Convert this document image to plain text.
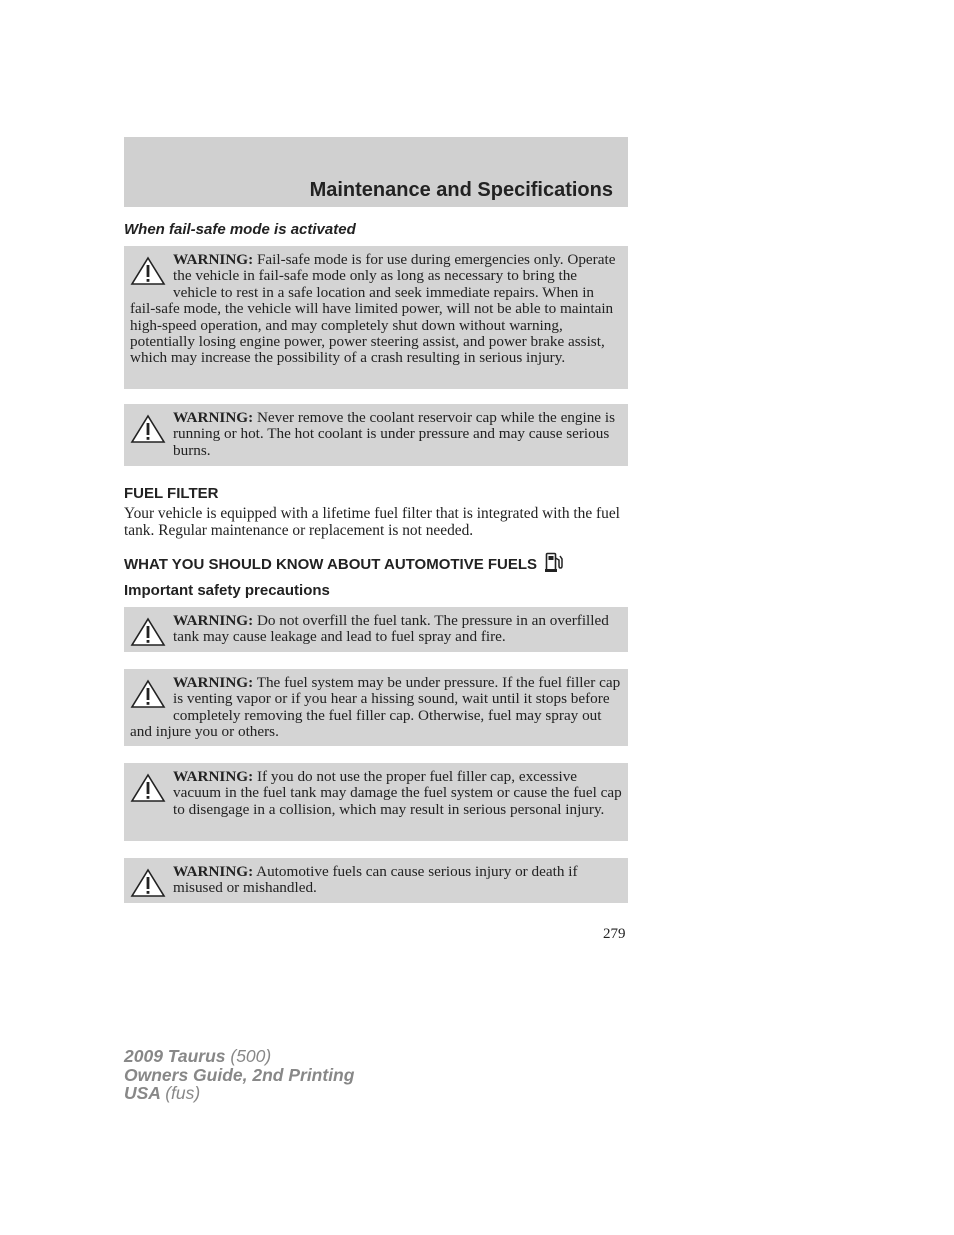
Maintenance and Specifications
When fail-safe mode is activated

WARNING: Fail-safe mode is for use during emergencies only. Operate the vehicle in fail-safe mode only as long as necessary to bring the vehicle to rest in a safe location and seek immediate repairs. When in fail-safe mode, the vehicle will have limited power, will not be able to maintain high-speed operation, and may completely shut down without warning, potentially losing engine power, power steering assist, and power brake assist, which may increase the possibility of a crash resulting in serious injury.

WARNING: Never remove the coolant reservoir cap while the engine is running or hot. The hot coolant is under pressure and may cause serious burns.

FUEL FILTER
Your vehicle is equipped with a lifetime fuel filter that is integrated with the fuel tank. Regular maintenance or replacement is not needed.
WHAT YOU SHOULD KNOW ABOUT AUTOMOTIVE FUELS
Important safety precautions

WARNING: Do not overfill the fuel tank. The pressure in an overfilled tank may cause leakage and lead to fuel spray and fire.

WARNING: The fuel system may be under pressure. If the fuel filler cap is venting vapor or if you hear a hissing sound, wait until it stops before completely removing the fuel filler cap. Otherwise, fuel may spray out and injure you or others.

WARNING: If you do not use the proper fuel filler cap, excessive vacuum in the fuel tank may damage the fuel system or cause the fuel cap to disengage in a collision, which may result in serious personal injury.

WARNING: Automotive fuels can cause serious injury or death if misused or mishandled.

279
2009 Taurus (500)
Owners Guide, 2nd Printing
USA (fus)
